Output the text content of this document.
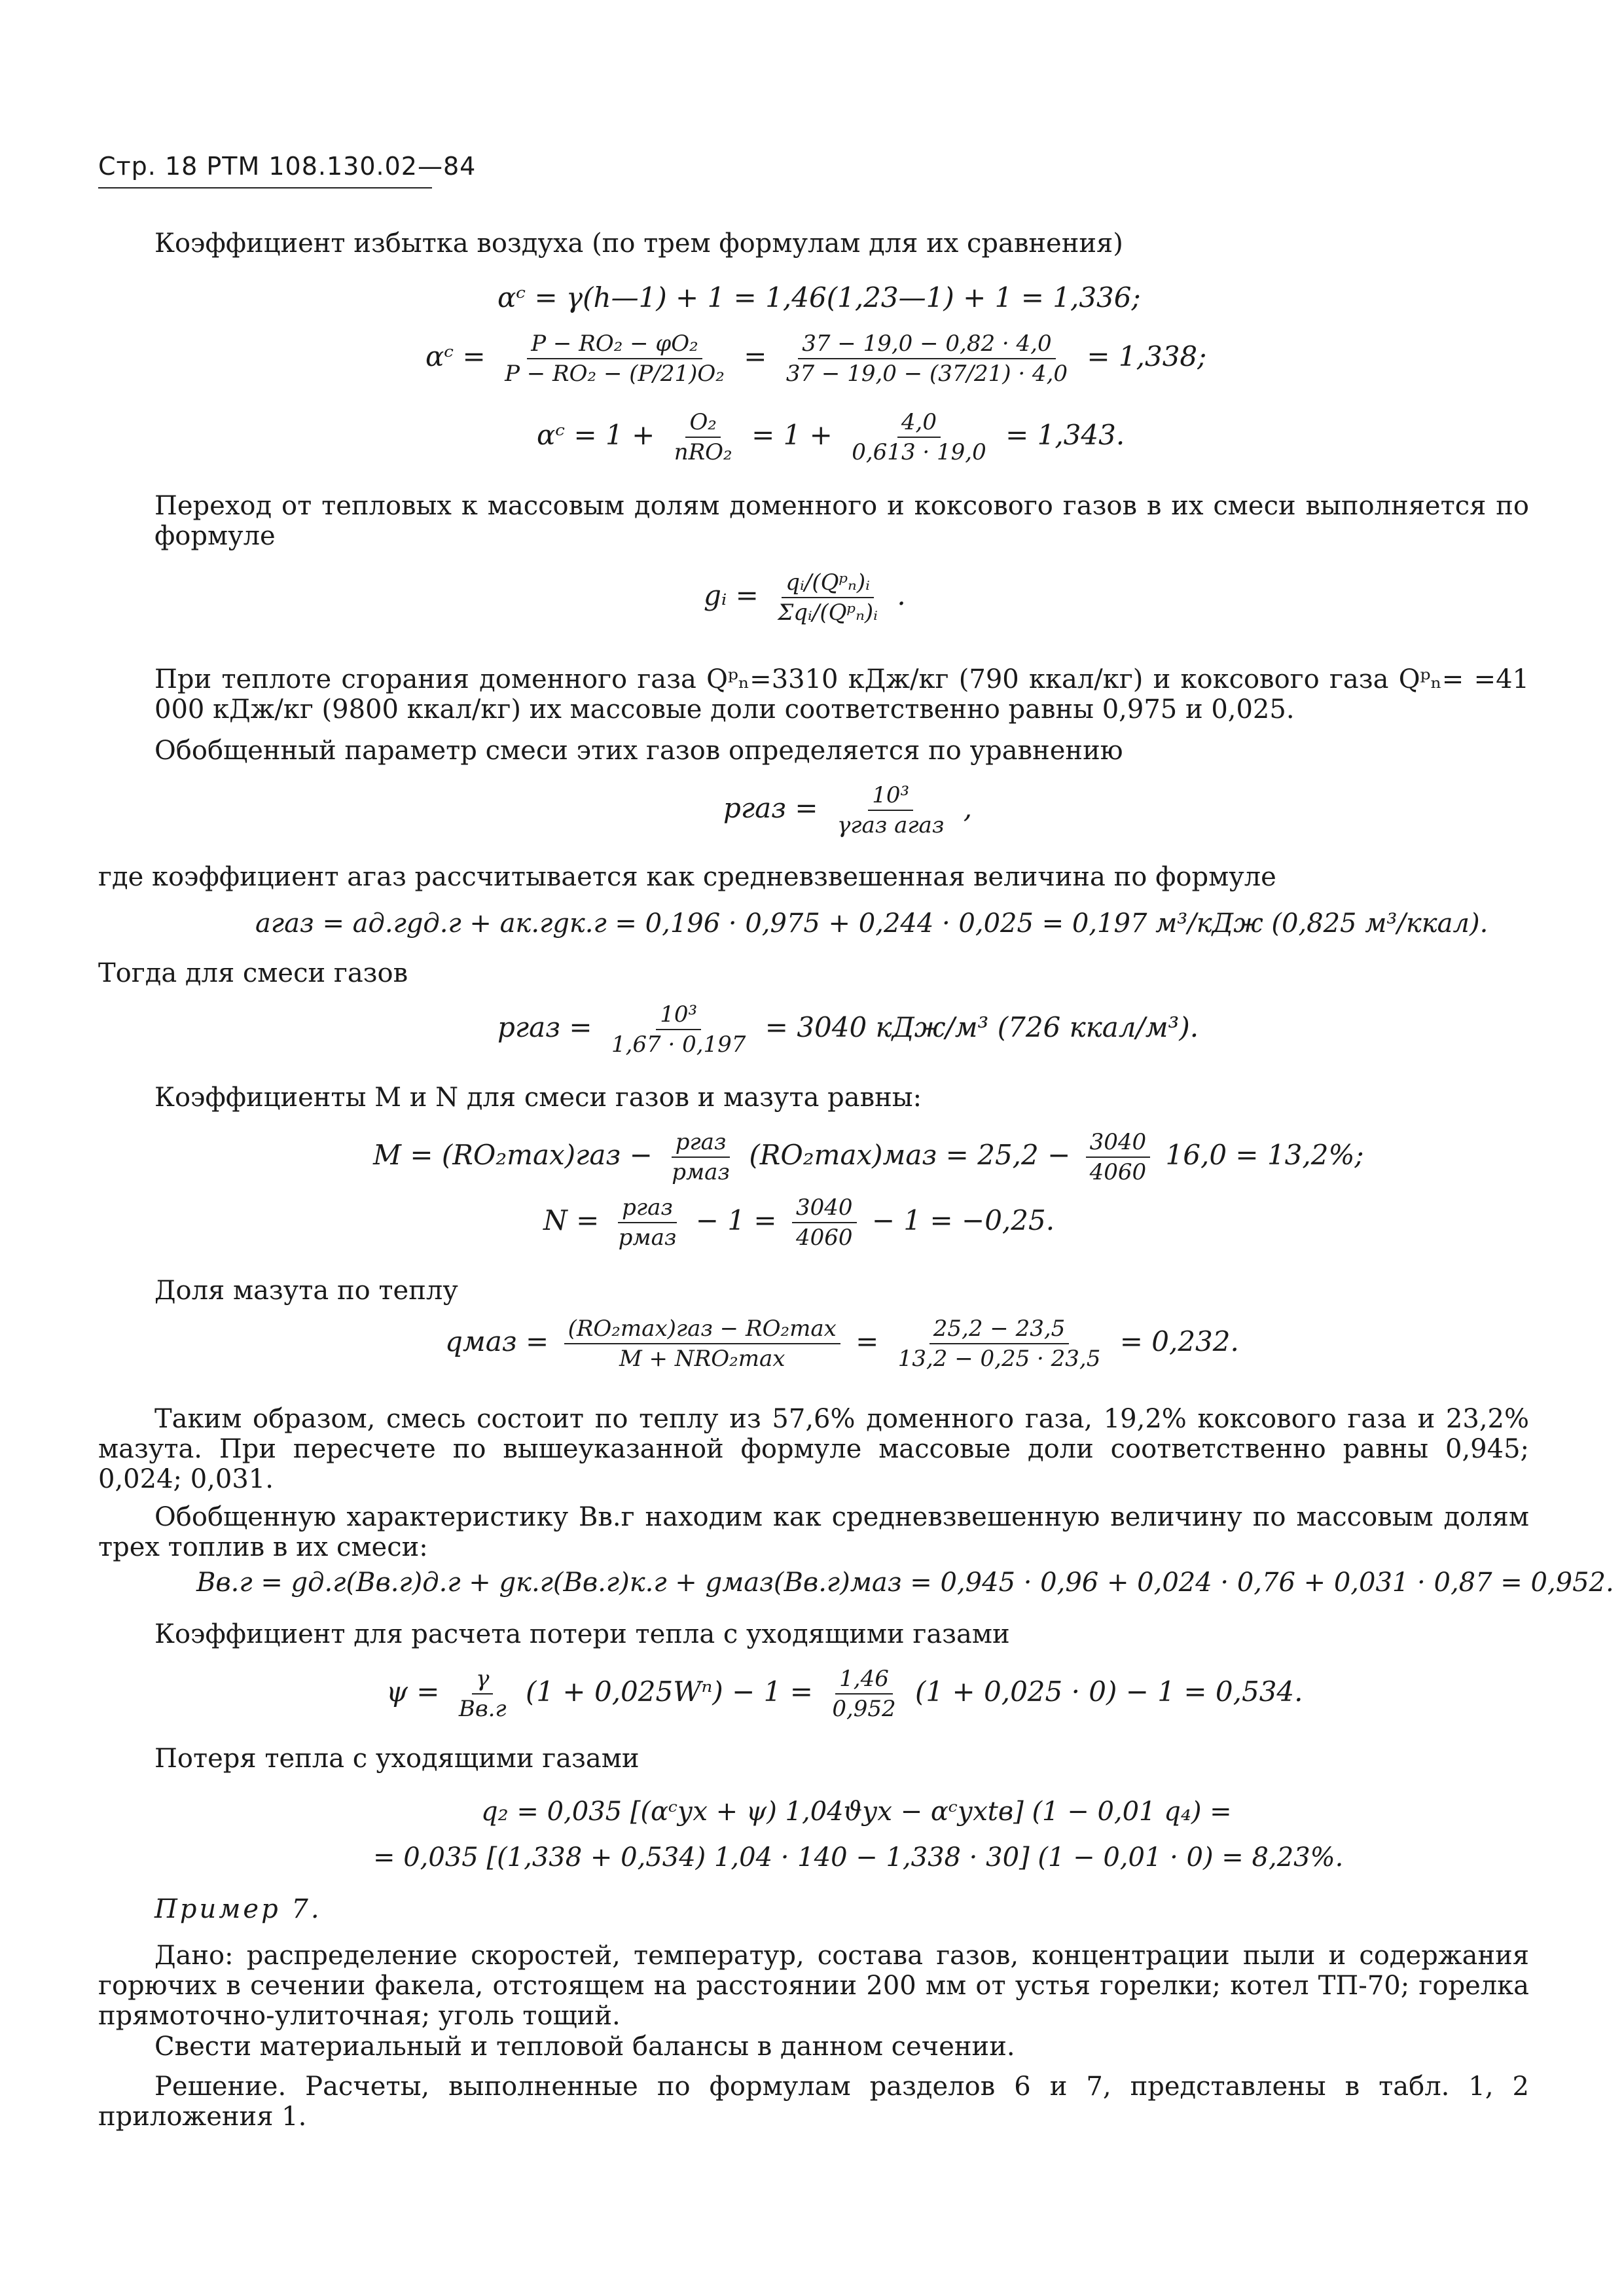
Стр. 18 РТМ 108.130.02—84
Коэффициент избытка воздуха (по трем формулам для их сравнения)
αᶜ = γ(h—1) + 1 = 1,46(1,23—1) + 1 = 1,336;
αᶜ = $\frac{\text{P − RO₂ − φO₂}}{\text{P − RO₂ − (P/21)O₂}} = \frac{37 - 19,0 - 0,82 \cdot 4,0}{37 - 19,0 - (37/21) \cdot 4,0} = 1,338$;
αᶜ = $1 + \frac{\text{O₂}}{\text{nRO₂}} = 1 + \frac{4,0}{0,613 \cdot 19,0} = 1,343$.
Переход от тепловых к массовым долям доменного и коксового газов в их смеси выполняется по формуле
gᵢ = $\frac{\text{qᵢ/(Qᵖₙ)ᵢ}}{\text{Σqᵢ/(Qᵖₙ)ᵢ}}$ .
При теплоте сгорания доменного газа Qᵖₙ=3310 кДж/кг (790 ккал/кг) и коксового газа Qᵖₙ= =41 000 кДж/кг (9800 ккал/кг) их массовые доли соответственно равны 0,975 и 0,025.
Обобщенный параметр смеси этих газов определяется по уравнению
pгаз = $\frac{\text{10³}}{\text{γгаз aгаз}}$ ,
где коэффициент aгаз рассчитывается как средневзвешенная величина по формуле
aгаз = aд.гgд.г + aк.гgк.г = 0,196 · 0,975 + 0,244 · 0,025 = 0,197 м³/кДж (0,825 м³/ккал).
Тогда для смеси газов
pгаз = $\frac{\text{10³}}{1,67 \cdot 0,197} = 3040$ кДж/м³ (726 ккал/м³).
Коэффициенты M и N для смеси газов и мазута равны:
$M = (RO_2\max)газ - \frac{\text{pгаз}}{\text{pмаз}} (RO_2\max)маз = 25,2 - \frac{3040}{4060} 16,0 = 13,2\%$;
$N = \frac{\text{pгаз}}{\text{pмаз}} - 1 = \frac{3040}{4060} - 1 = -0,25$.
Доля мазута по теплу
qмаз = $\frac{\text{(RO₂max)газ − RO₂max}}{\text{M + NRO₂max}} = \frac{25,2 - 23,5}{13,2 - 0,25 \cdot 23,5} = 0,232$.
Таким образом, смесь состоит по теплу из 57,6% доменного газа, 19,2% коксового газа и 23,2% мазута. При пересчете по вышеуказанной формуле массовые доли соответственно равны 0,945; 0,024; 0,031.
Обобщенную характеристику Bв.г находим как средневзвешенную величину по массовым долям трех топлив в их смеси:
Bв.г = gд.г(Bв.г)д.г + gк.г(Bв.г)к.г + gмаз(Bв.г)маз = 0,945 · 0,96 + 0,024 · 0,76 + 0,031 · 0,87 = 0,952.
Коэффициент для расчета потери тепла с уходящими газами
$\psi = \frac{\gamma}{Bв.г} (1 + 0,025W^n) - 1 = \frac{1,46}{0,952} (1 + 0,025 \cdot 0) - 1 = 0,534$.
Потеря тепла с уходящими газами
q₂ = 0,035 [(αᶜух + ψ) 1,04ϑух − αᶜухtв] (1 − 0,01 q₄) =
= 0,035 [(1,338 + 0,534) 1,04 · 140 − 1,338 · 30] (1 − 0,01 · 0) = 8,23%.
Пример 7.
Дано: распределение скоростей, температур, состава газов, концентрации пыли и содержания горючих в сечении факела, отстоящем на расстоянии 200 мм от устья горелки; котел ТП-70; горелка прямоточно-улиточная; уголь тощий.
Свести материальный и тепловой балансы в данном сечении.
Решение. Расчеты, выполненные по формулам разделов 6 и 7, представлены в табл. 1, 2 приложения 1.
